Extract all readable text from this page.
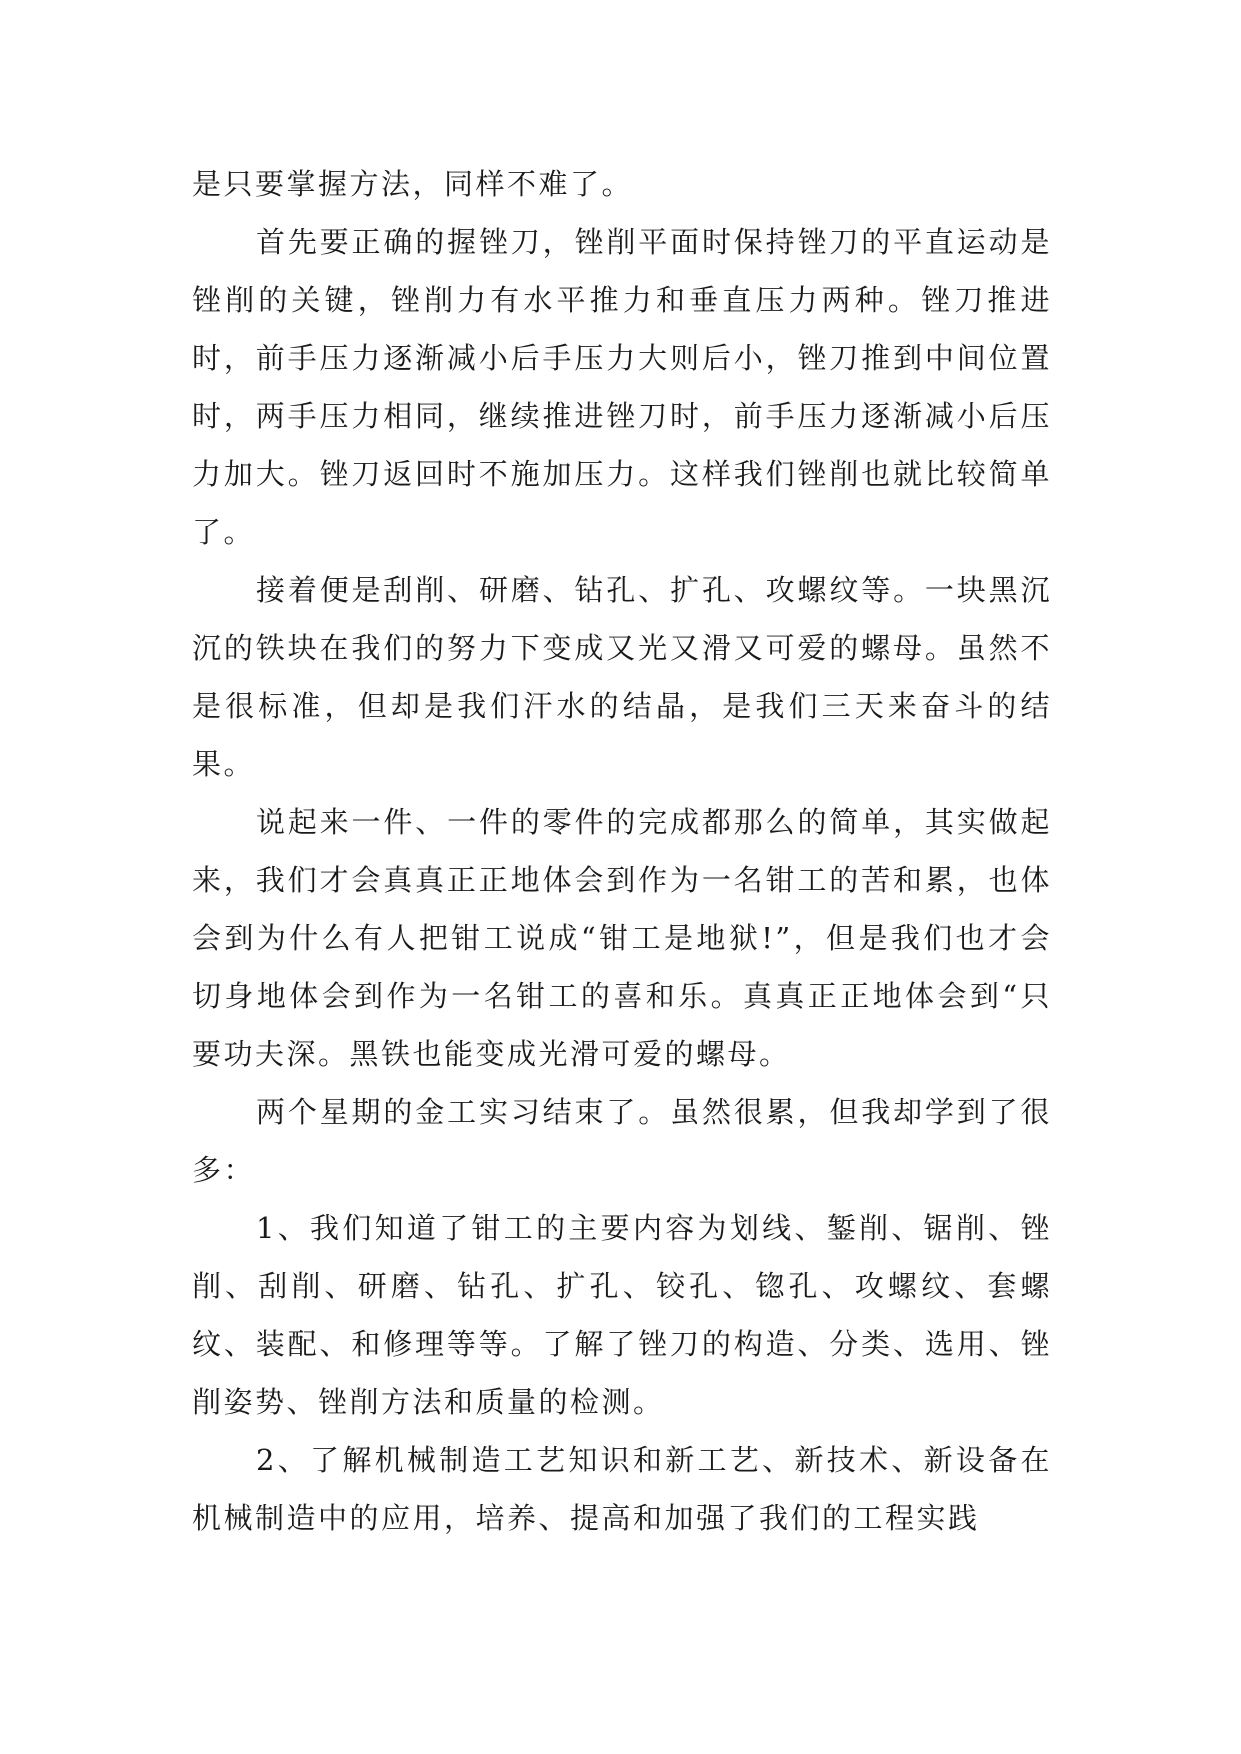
是只要掌握方法，同样不难了。

首先要正确的握锉刀，锉削平面时保持锉刀的平直运动是锉削的关键，锉削力有水平推力和垂直压力两种。锉刀推进时，前手压力逐渐减小后手压力大则后小，锉刀推到中间位置时，两手压力相同，继续推进锉刀时，前手压力逐渐减小后压力加大。锉刀返回时不施加压力。这样我们锉削也就比较简单了。

接着便是刮削、研磨、钻孔、扩孔、攻螺纹等。一块黑沉沉的铁块在我们的努力下变成又光又滑又可爱的螺母。虽然不是很标准，但却是我们汗水的结晶，是我们三天来奋斗的结果。

说起来一件、一件的零件的完成都那么的简单，其实做起来，我们才会真真正正地体会到作为一名钳工的苦和累，也体会到为什么有人把钳工说成“钳工是地狱!”，但是我们也才会切身地体会到作为一名钳工的喜和乐。真真正正地体会到“只要功夫深。黑铁也能变成光滑可爱的螺母。

两个星期的金工实习结束了。虽然很累，但我却学到了很多：

1、我们知道了钳工的主要内容为划线、錾削、锯削、锉削、刮削、研磨、钻孔、扩孔、铰孔、锪孔、攻螺纹、套螺纹、装配、和修理等等。了解了锉刀的构造、分类、选用、锉削姿势、锉削方法和质量的检测。

2、了解机械制造工艺知识和新工艺、新技术、新设备在机械制造中的应用，培养、提高和加强了我们的工程实践
